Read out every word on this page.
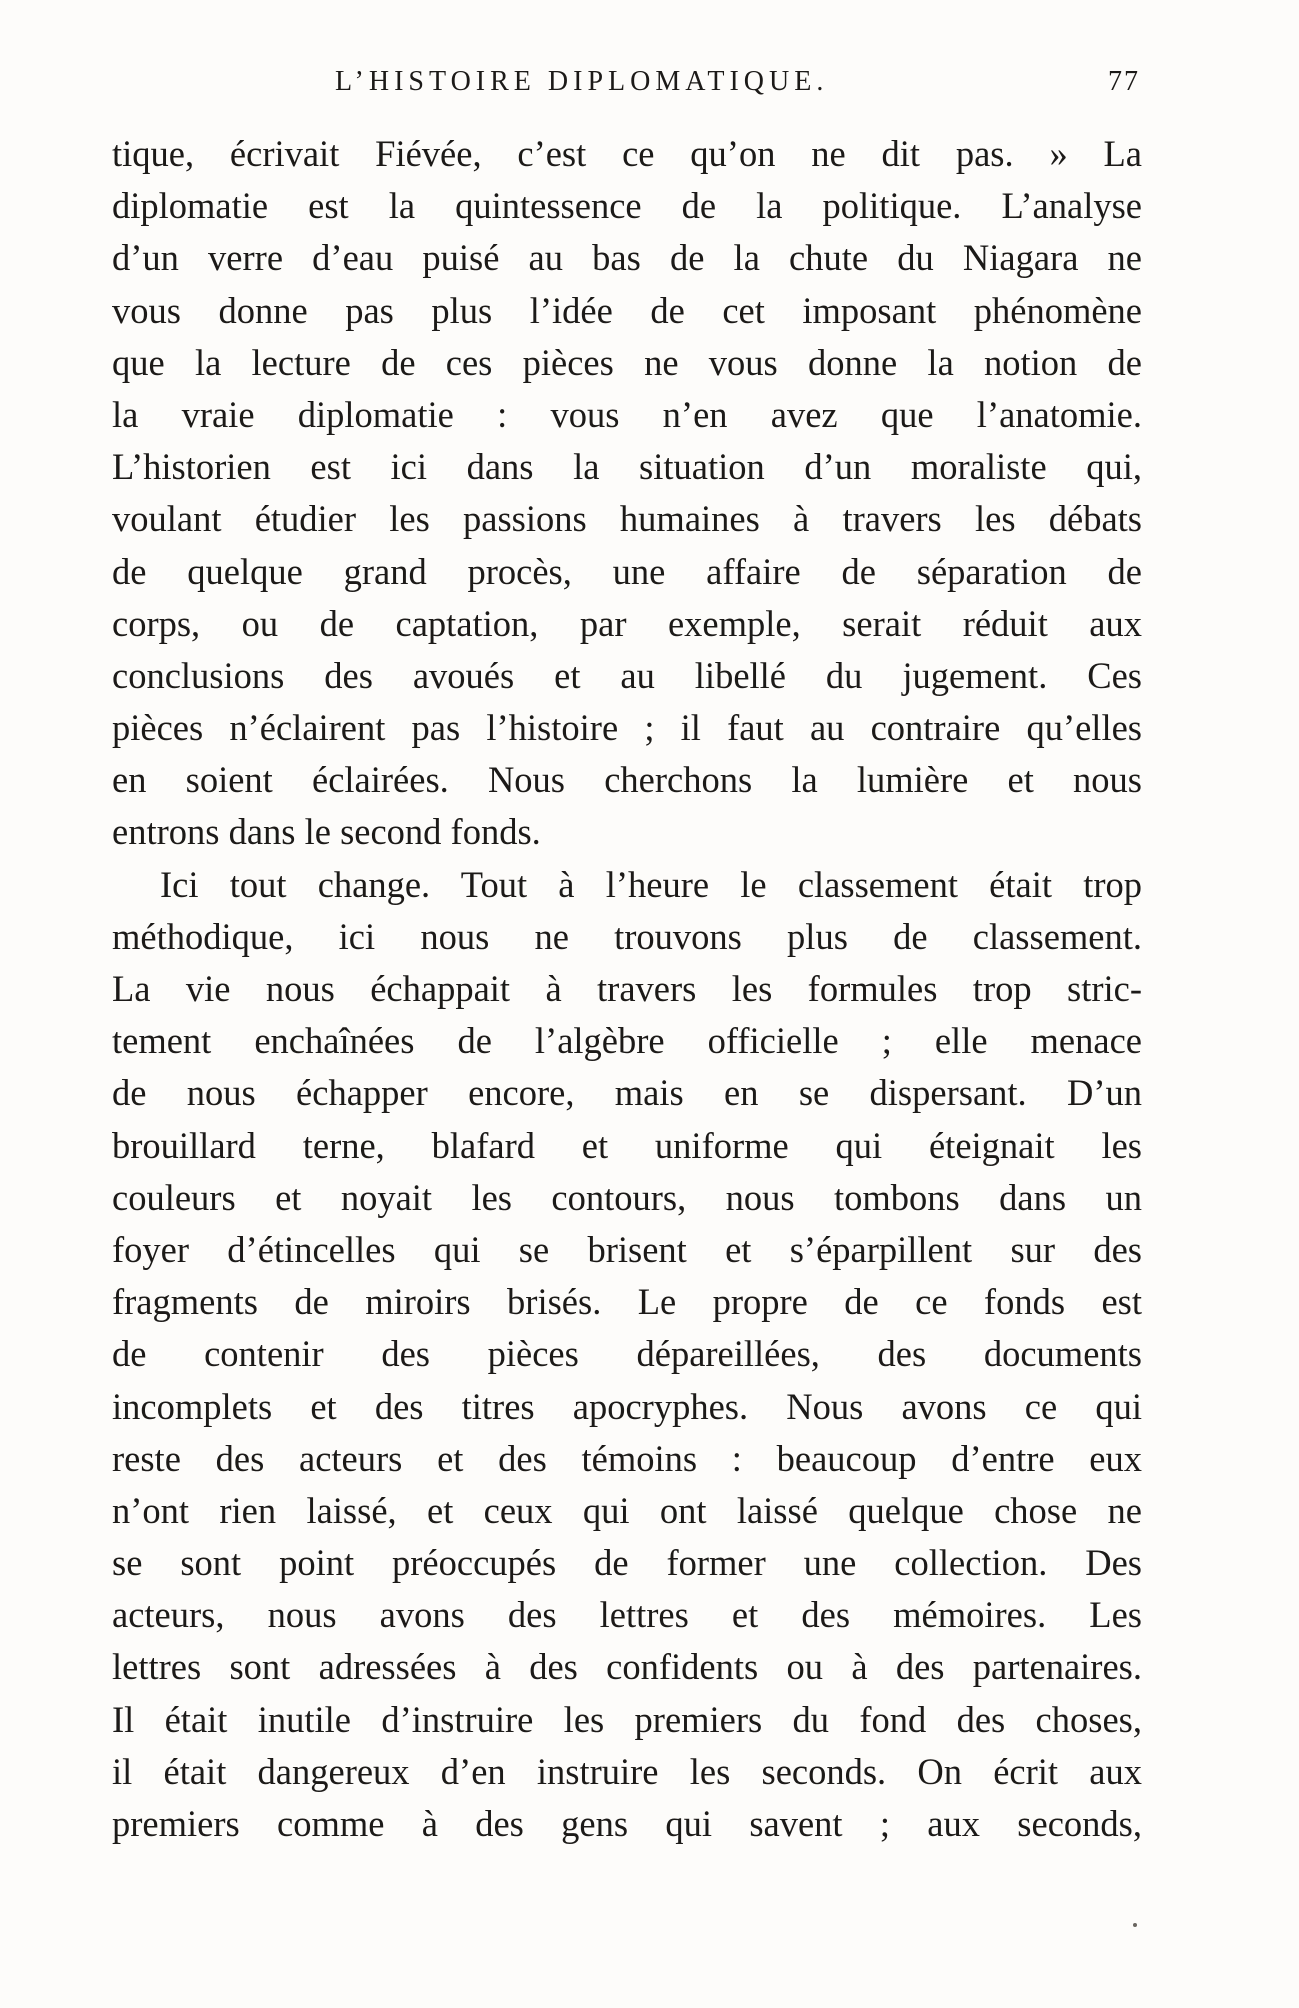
L’HISTOIRE DIPLOMATIQUE.	77
tique, écrivait Fiévée, c’est ce qu’on ne dit pas. » La
diplomatie est la quintessence de la politique. L’analyse
d’un verre d’eau puisé au bas de la chute du Niagara ne
vous donne pas plus l’idée de cet imposant phénomène
que la lecture de ces pièces ne vous donne la notion de
la vraie diplomatie : vous n’en avez que l’anatomie.
L’historien est ici dans la situation d’un moraliste qui,
voulant étudier les passions humaines à travers les débats
de quelque grand procès, une affaire de séparation de
corps, ou de captation, par exemple, serait réduit aux
conclusions des avoués et au libellé du jugement. Ces
pièces n’éclairent pas l’histoire ; il faut au contraire qu’elles
en soient éclairées. Nous cherchons la lumière et nous
entrons dans le second fonds.
Ici tout change. Tout à l’heure le classement était trop
méthodique, ici nous ne trouvons plus de classement.
La vie nous échappait à travers les formules trop stric-
tement enchaînées de l’algèbre officielle ; elle menace
de nous échapper encore, mais en se dispersant. D’un
brouillard terne, blafard et uniforme qui éteignait les
couleurs et noyait les contours, nous tombons dans un
foyer d’étincelles qui se brisent et s’éparpillent sur des
fragments de miroirs brisés. Le propre de ce fonds est
de contenir des pièces dépareillées, des documents
incomplets et des titres apocryphes. Nous avons ce qui
reste des acteurs et des témoins : beaucoup d’entre eux
n’ont rien laissé, et ceux qui ont laissé quelque chose ne
se sont point préoccupés de former une collection. Des
acteurs, nous avons des lettres et des mémoires. Les
lettres sont adressées à des confidents ou à des partenaires.
Il était inutile d’instruire les premiers du fond des choses,
il était dangereux d’en instruire les seconds. On écrit aux
premiers comme à des gens qui savent ; aux seconds,
